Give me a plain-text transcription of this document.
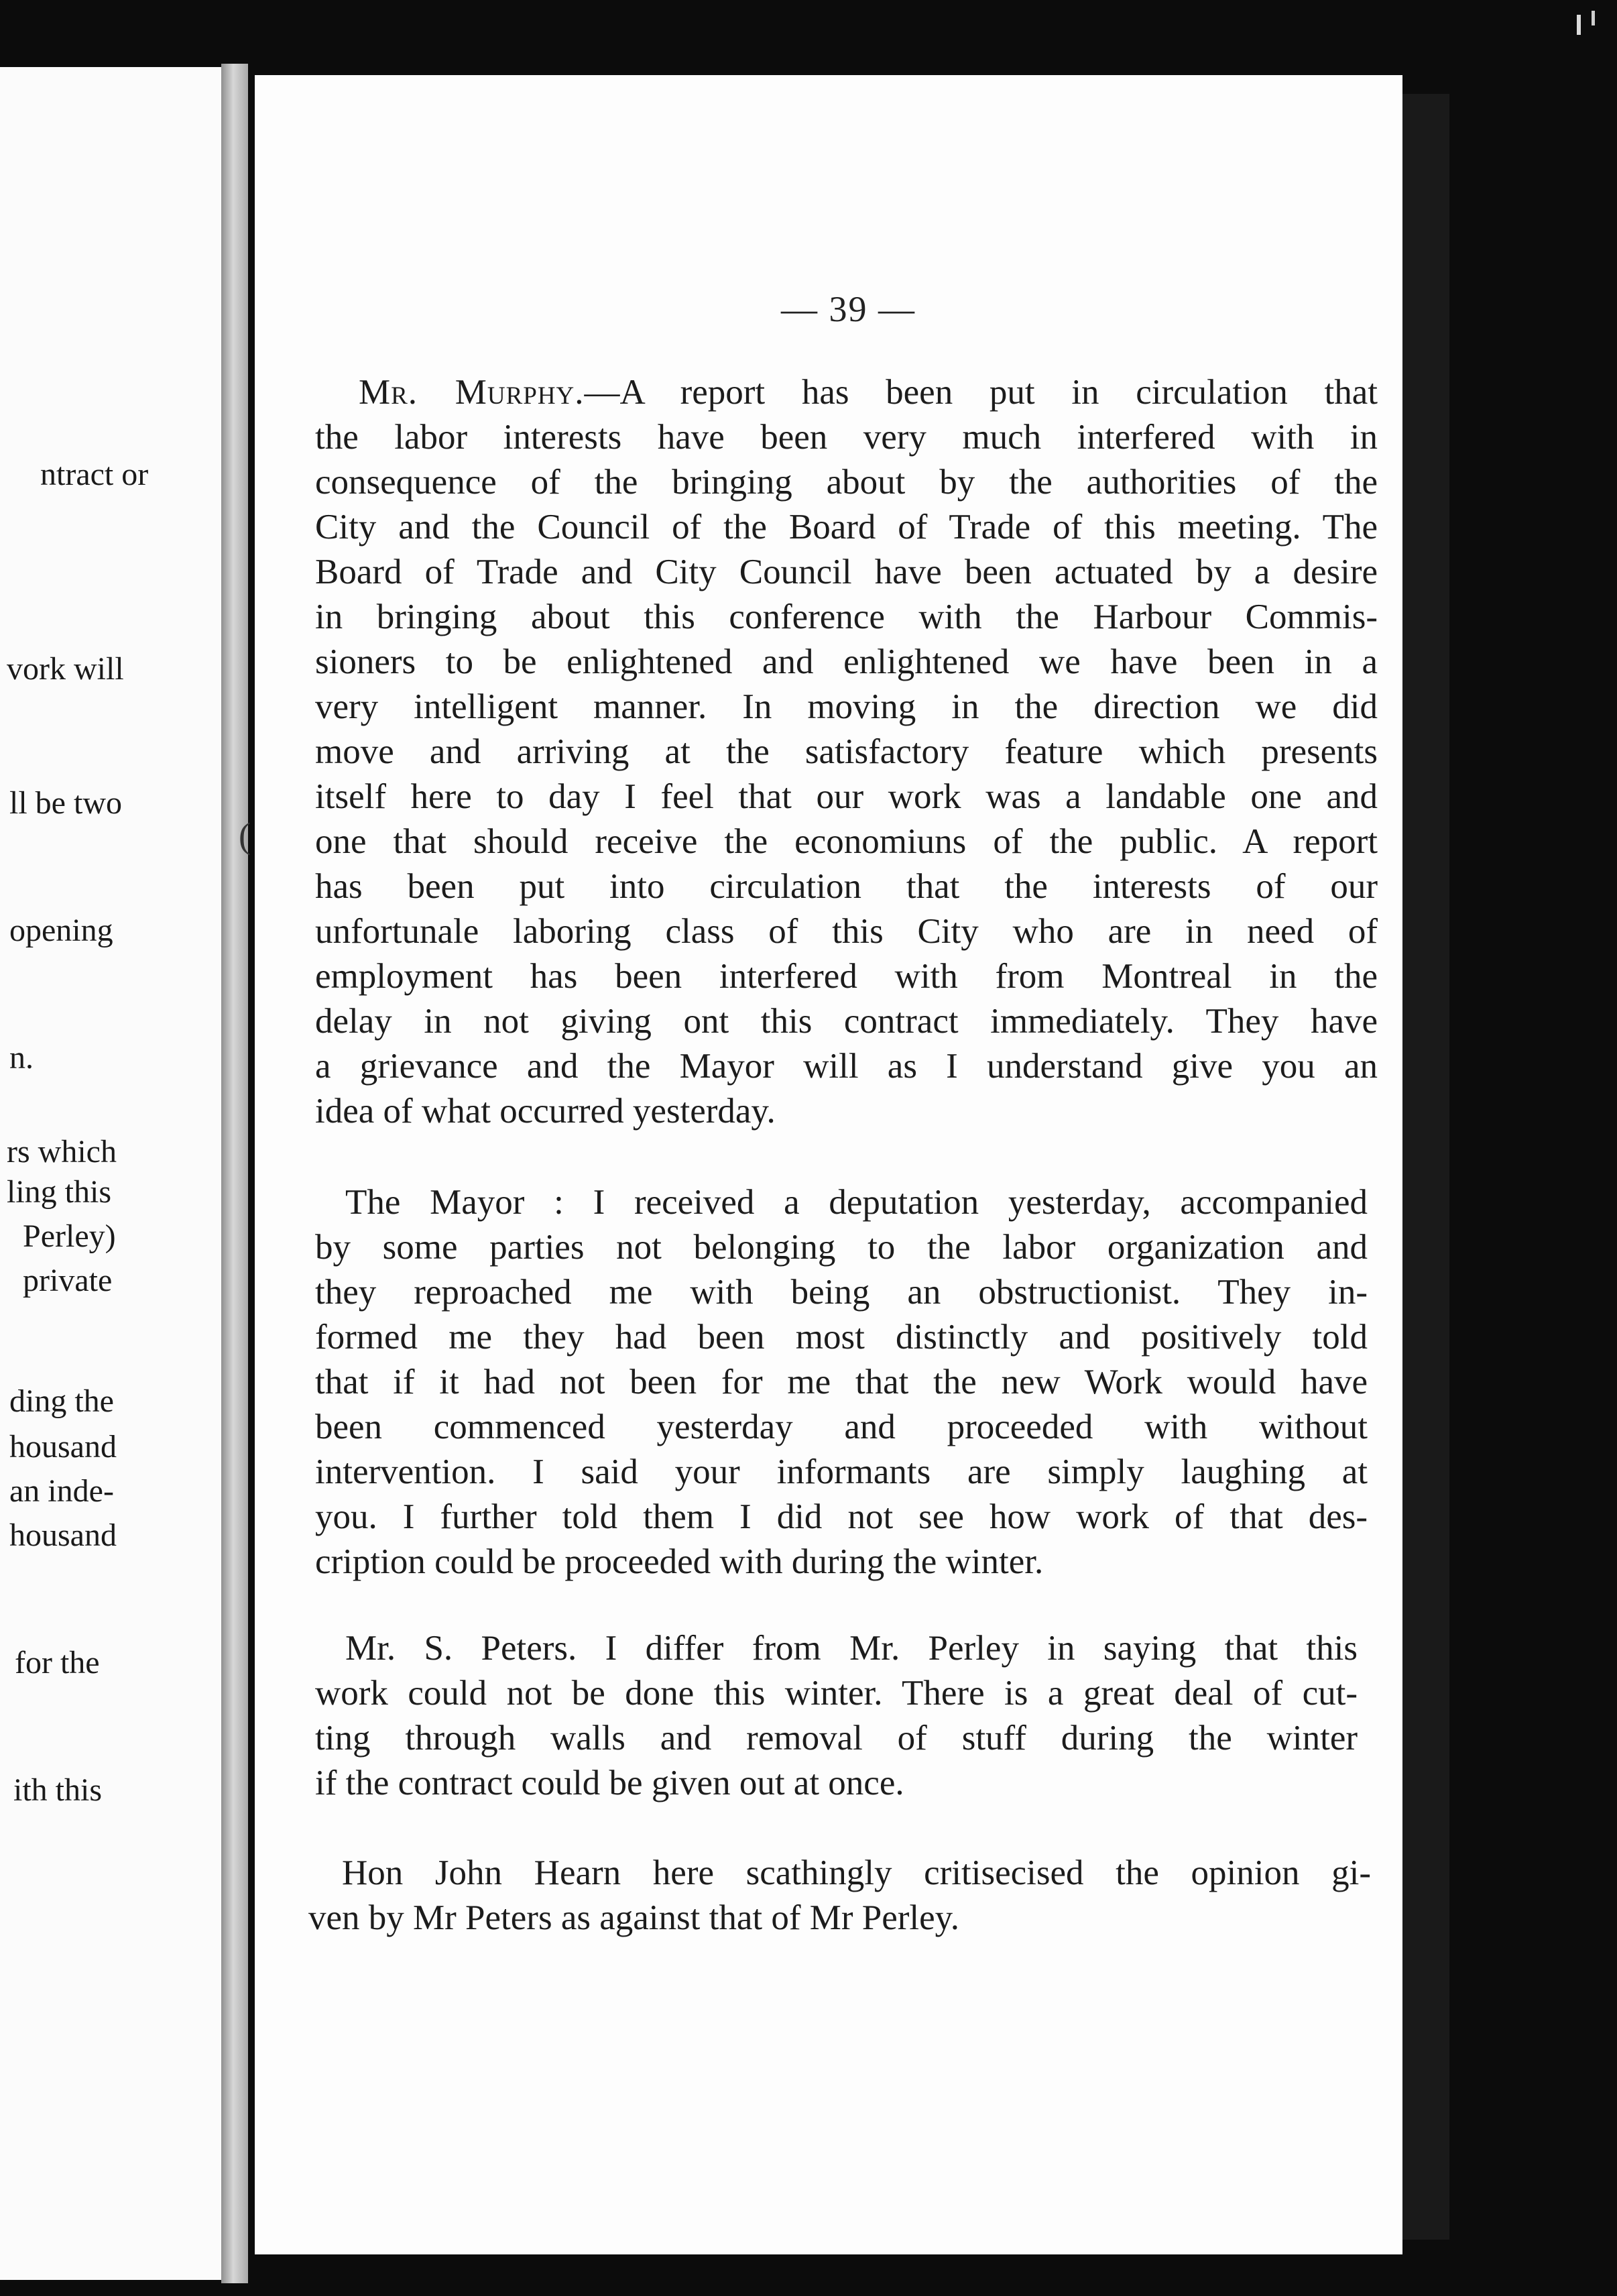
ntract or
vork will
ll be two
opening
n.
rs which
ling this
Perley)
private
ding the
housand
an inde-
housand
for the
ith this
(
— 39 —
Mr. Murphy.—A report has been put in circulation that
the labor interests have been very much interfered with in
consequence of the bringing about by the authorities of the
City and the Council of the Board of Trade of this meeting. The
Board of Trade and City Council have been actuated by a desire
in bringing about this conference with the Harbour Commis-
sioners to be enlightened and enlightened we have been in a
very intelligent manner. In moving in the direction we did
move and arriving at the satisfactory feature which presents
itself here to day I feel that our work was a landable one and
one that should receive the economiuns of the public. A report
has been put into circulation that the interests of our
unfortunale laboring class of this City who are in need of
employment has been interfered with from Montreal in the
delay in not giving ont this contract immediately. They have
a grievance and the Mayor will as I understand give you an
idea of what occurred yesterday.
The Mayor : I received a deputation yesterday, accompanied
by some parties not belonging to the labor organization and
they reproached me with being an obstructionist. They in-
formed me they had been most distinctly and positively told
that if it had not been for me that the new Work would have
been commenced yesterday and proceeded with without
intervention. I said your informants are simply laughing at
you. I further told them I did not see how work of that des-
cription could be proceeded with during the winter.
Mr. S. Peters. I differ from Mr. Perley in saying that this
work could not be done this winter. There is a great deal of cut-
ting through walls and removal of stuff during the winter
if the contract could be given out at once.
Hon John Hearn here scathingly critisecised the opinion gi-
ven by Mr Peters as against that of Mr Perley.
